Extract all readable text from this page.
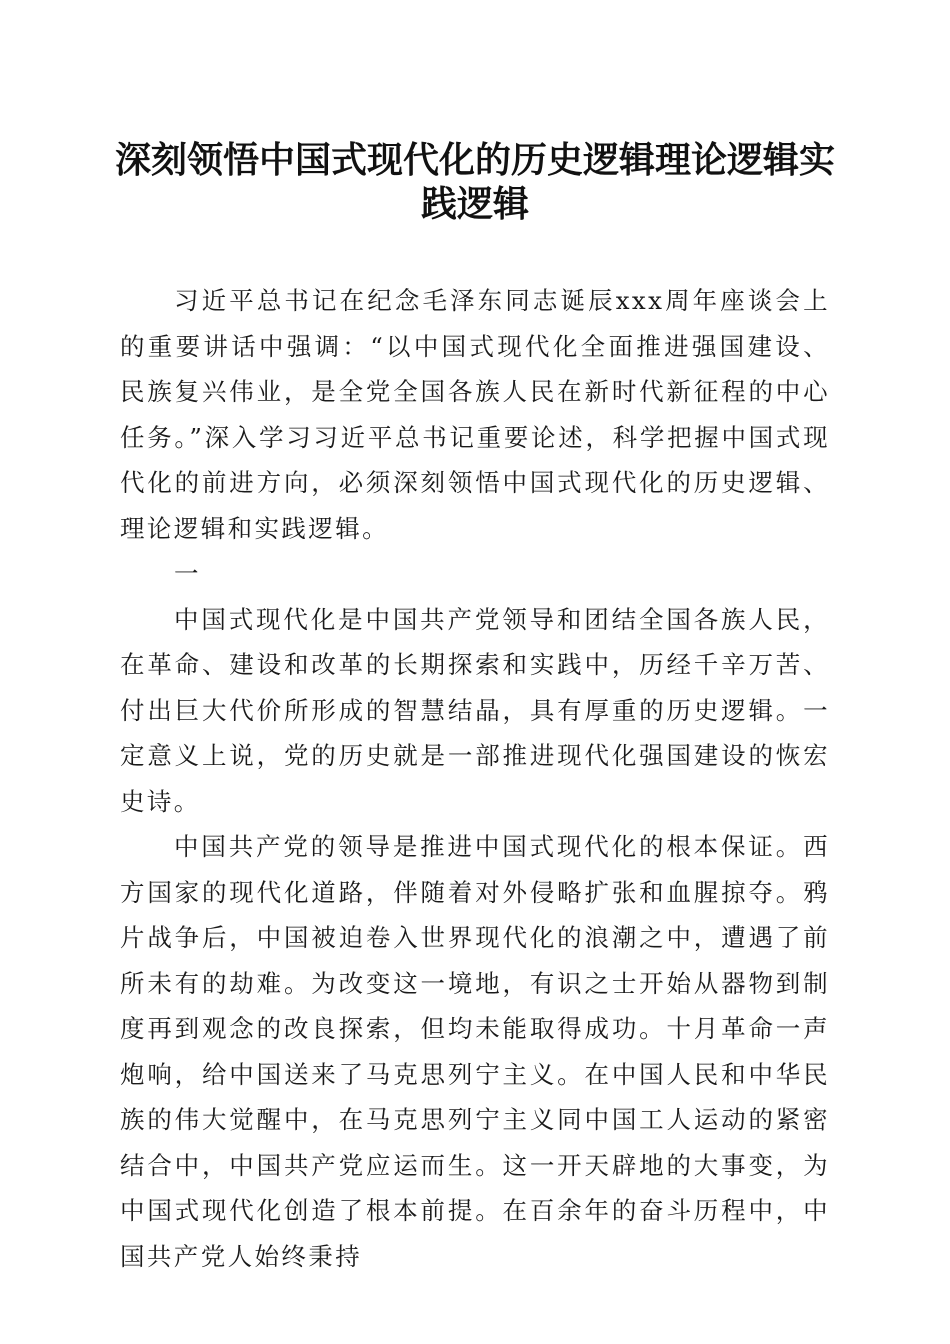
深刻领悟中国式现代化的历史逻辑理论逻辑实践逻辑

习近平总书记在纪念毛泽东同志诞辰xxx周年座谈会上的重要讲话中强调：“以中国式现代化全面推进强国建设、民族复兴伟业，是全党全国各族人民在新时代新征程的中心任务。”深入学习习近平总书记重要论述，科学把握中国式现代化的前进方向，必须深刻领悟中国式现代化的历史逻辑、理论逻辑和实践逻辑。

一

中国式现代化是中国共产党领导和团结全国各族人民，在革命、建设和改革的长期探索和实践中，历经千辛万苦、付出巨大代价所形成的智慧结晶，具有厚重的历史逻辑。一定意义上说，党的历史就是一部推进现代化强国建设的恢宏史诗。

中国共产党的领导是推进中国式现代化的根本保证。西方国家的现代化道路，伴随着对外侵略扩张和血腥掠夺。鸦片战争后，中国被迫卷入世界现代化的浪潮之中，遭遇了前所未有的劫难。为改变这一境地，有识之士开始从器物到制度再到观念的改良探索，但均未能取得成功。十月革命一声炮响，给中国送来了马克思列宁主义。在中国人民和中华民族的伟大觉醒中，在马克思列宁主义同中国工人运动的紧密结合中，中国共产党应运而生。这一开天辟地的大事变，为中国式现代化创造了根本前提。在百余年的奋斗历程中，中国共产党人始终秉持
